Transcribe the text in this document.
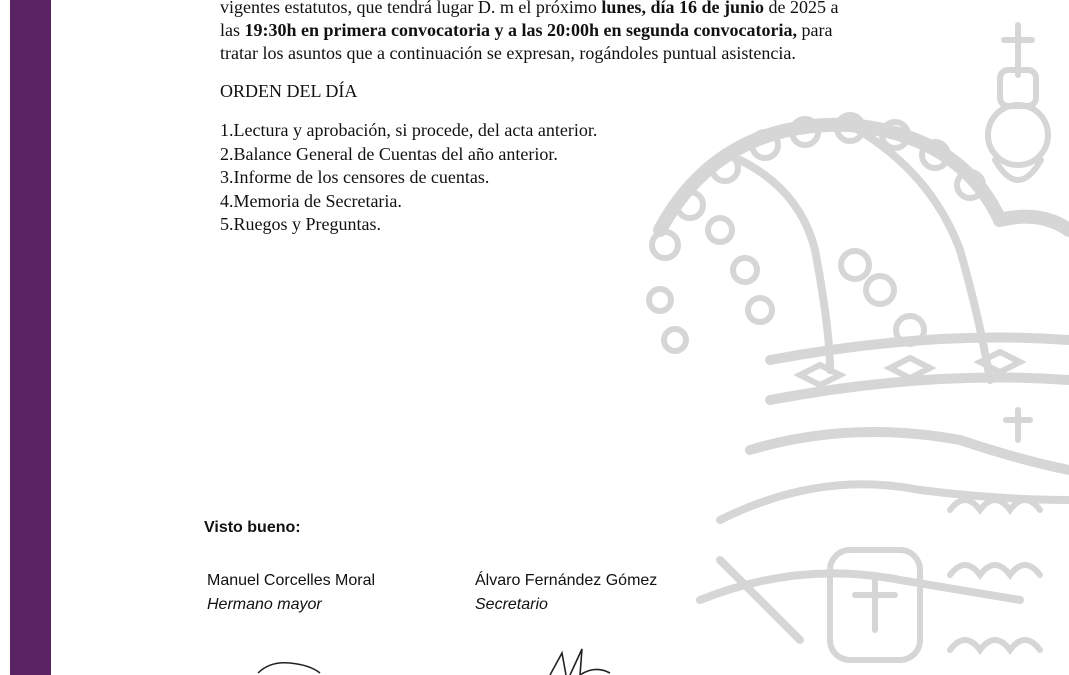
vigentes estatutos, que tendrá lugar D. m el próximo lunes, día 16 de junio de 2025 a

las 19:30h en primera convocatoria y a las 20:00h en segunda convocatoria, para

tratar los asuntos que a continuación se expresan, rogándoles puntual asistencia.

ORDEN DEL DÍA
1.Lectura y aprobación, si procede, del acta anterior.
2.Balance General de Cuentas del año anterior.
3.Informe de los censores de cuentas.
4.Memoria de Secretaria.
5.Ruegos y Preguntas.
Visto bueno:
Manuel Corcelles Moral
Hermano mayor
Álvaro Fernández Gómez
Secretario
